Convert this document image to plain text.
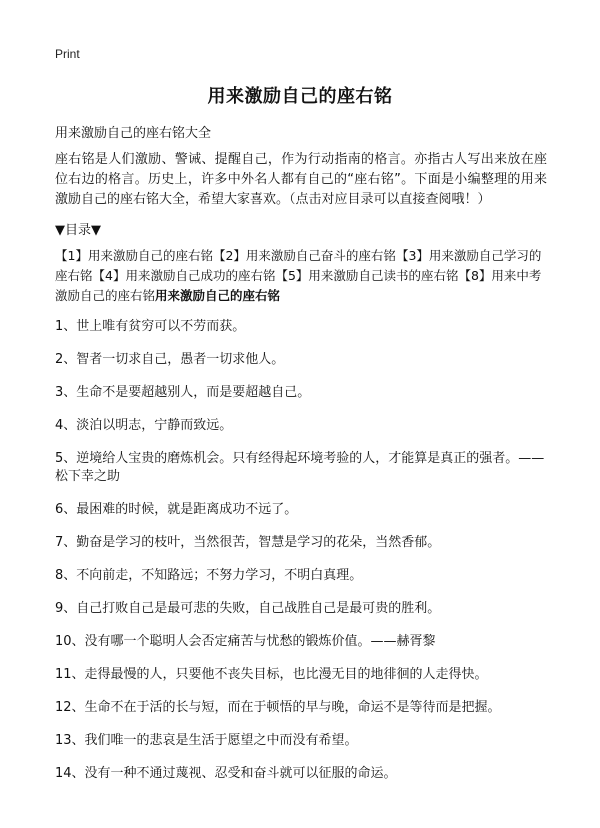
Print
用来激励自己的座右铭
用来激励自己的座右铭大全
座右铭是人们激励、警诫、提醒自己，作为行动指南的格言。亦指古人写出来放在座位右边的格言。历史上，许多中外名人都有自己的“座右铭”。下面是小编整理的用来激励自己的座右铭大全，希望大家喜欢。（点击对应目录可以直接查阅哦！）
▼目录▼
【1】用来激励自己的座右铭【2】用来激励自己奋斗的座右铭【3】用来激励自己学习的座右铭【4】用来激励自己成功的座右铭【5】用来激励自己读书的座右铭【8】用来中考激励自己的座右铭用来激励自己的座右铭
1、世上唯有贫穷可以不劳而获。
2、智者一切求自己，愚者一切求他人。
3、生命不是要超越别人，而是要超越自己。
4、淡泊以明志，宁静而致远。
5、逆境给人宝贵的磨炼机会。只有经得起环境考验的人，才能算是真正的强者。——松下幸之助
6、最困难的时候，就是距离成功不远了。
7、勤奋是学习的枝叶，当然很苦，智慧是学习的花朵，当然香郁。
8、不向前走，不知路远；不努力学习，不明白真理。
9、自己打败自己是最可悲的失败，自己战胜自己是最可贵的胜利。
10、没有哪一个聪明人会否定痛苦与忧愁的锻炼价值。——赫胥黎
11、走得最慢的人，只要他不丧失目标，也比漫无目的地徘徊的人走得快。
12、生命不在于活的长与短，而在于顿悟的早与晚，命运不是等待而是把握。
13、我们唯一的悲哀是生活于愿望之中而没有希望。
14、没有一种不通过蔑视、忍受和奋斗就可以征服的命运。
